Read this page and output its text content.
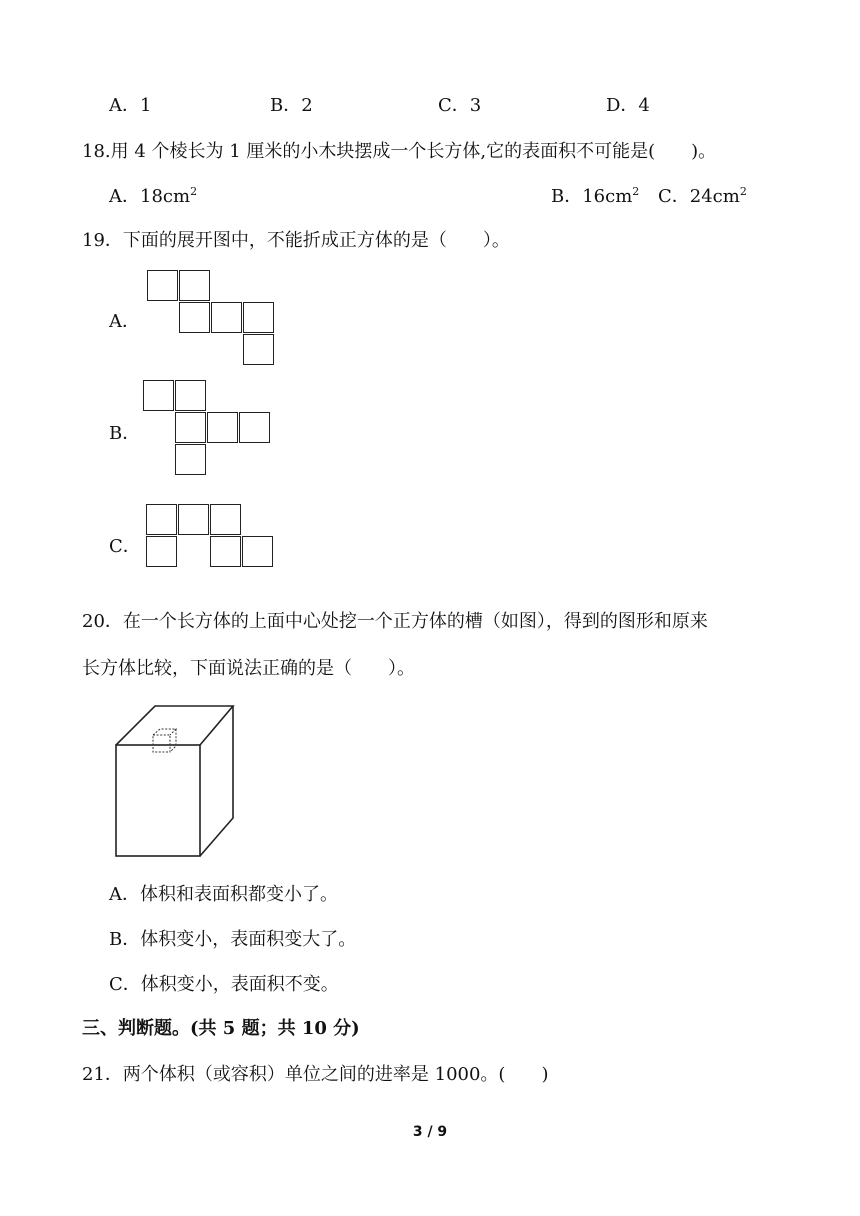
A．1	B．2	C．3	D．4
18.用 4 个棱长为 1 厘米的小木块摆成一个长方体,它的表面积不可能是(　　)。
A．$18cm^2$	B．$16cm^2$ C．$24cm^2$
19．下面的展开图中，不能折成正方体的是（　　）。
A．
B．
C．
20．在一个长方体的上面中心处挖一个正方体的槽（如图），得到的图形和原来
长方体比较，下面说法正确的是（　　）。
A．体积和表面积都变小了。
B．体积变小，表面积变大了。
C．体积变小，表面积不变。
三、判断题。(共 5 题；共 10 分)
21．两个体积（或容积）单位之间的进率是 1000。(　　)
3 / 9
